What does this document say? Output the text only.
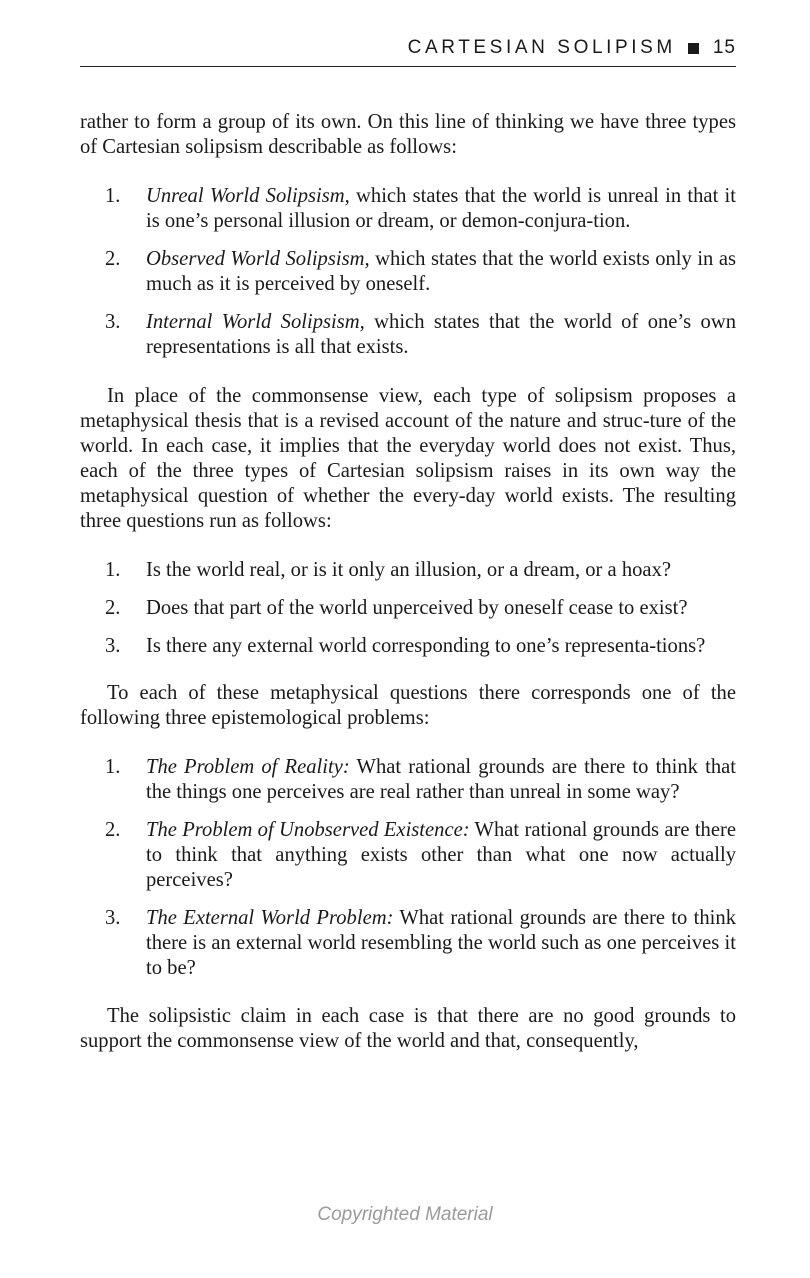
CARTESIAN SOLIPISM 15

rather to form a group of its own. On this line of thinking we have three types of Cartesian solipsism describable as follows:

1. Unreal World Solipsism, which states that the world is unreal in that it is one’s personal illusion or dream, or demon-conjura-tion.
2. Observed World Solipsism, which states that the world exists only in as much as it is perceived by oneself.
3. Internal World Solipsism, which states that the world of one’s own representations is all that exists.

In place of the commonsense view, each type of solipsism proposes a metaphysical thesis that is a revised account of the nature and struc-ture of the world. In each case, it implies that the everyday world does not exist. Thus, each of the three types of Cartesian solipsism raises in its own way the metaphysical question of whether the every-day world exists. The resulting three questions run as follows:

1. Is the world real, or is it only an illusion, or a dream, or a hoax?
2. Does that part of the world unperceived by oneself cease to exist?
3. Is there any external world corresponding to one’s representa-tions?

To each of these metaphysical questions there corresponds one of the following three epistemological problems:

1. The Problem of Reality: What rational grounds are there to think that the things one perceives are real rather than unreal in some way?
2. The Problem of Unobserved Existence: What rational grounds are there to think that anything exists other than what one now actually perceives?
3. The External World Problem: What rational grounds are there to think there is an external world resembling the world such as one perceives it to be?

The solipsistic claim in each case is that there are no good grounds to support the commonsense view of the world and that, consequently,

Copyrighted Material
